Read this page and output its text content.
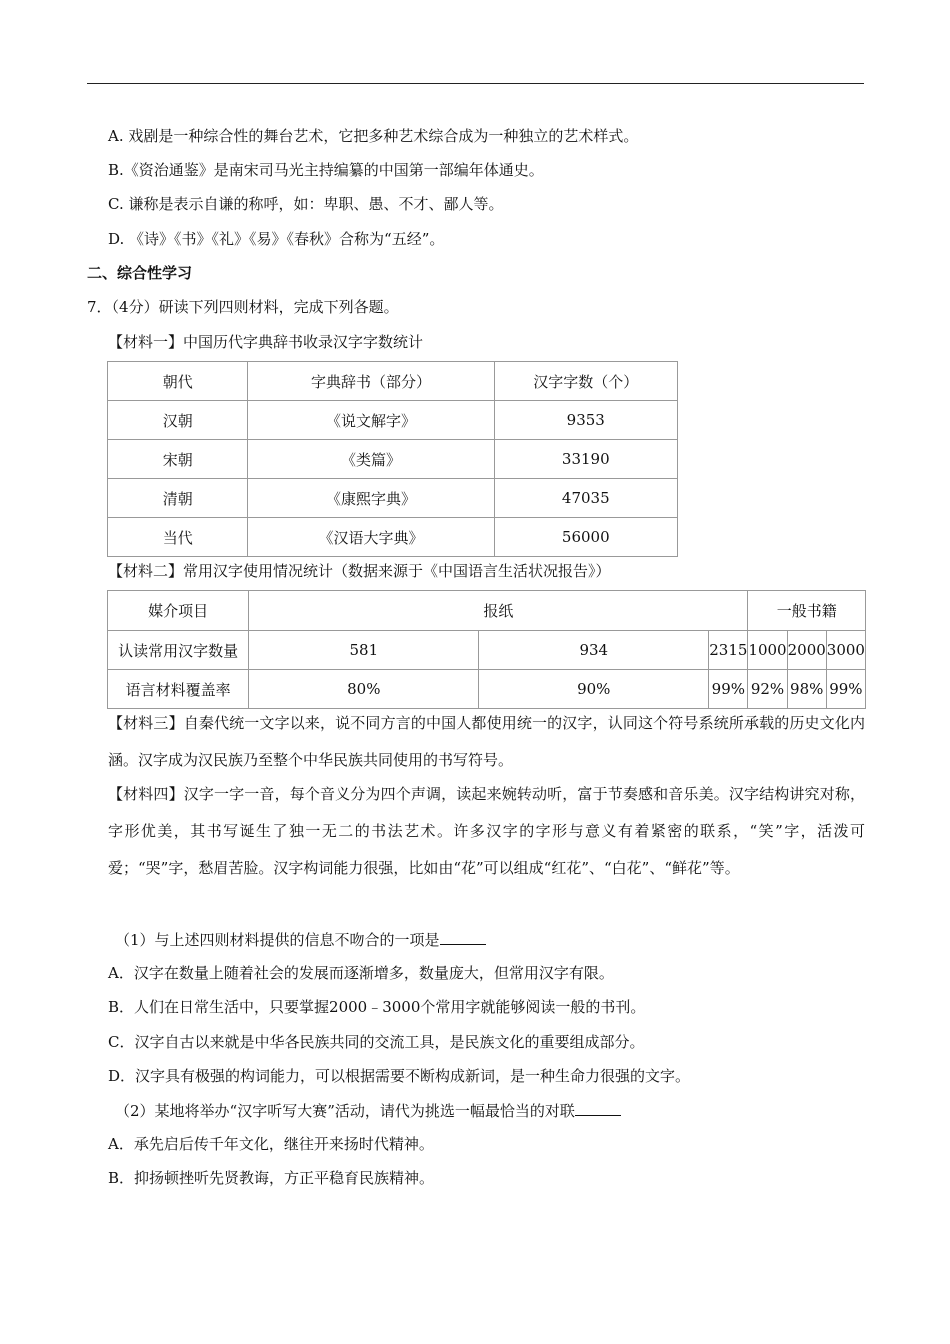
A. 戏剧是一种综合性的舞台艺术，它把多种艺术综合成为一种独立的艺术样式。
B.《资治通鉴》是南宋司马光主持编纂的中国第一部编年体通史。
C. 谦称是表示自谦的称呼，如：卑职、愚、不才、鄙人等。
D. 《诗》《书》《礼》《易》《春秋》合称为“五经”。
二、综合性学习
7．（4分）研读下列四则材料，完成下列各题。
【材料一】中国历代字典辞书收录汉字字数统计
朝代	字典辞书（部分）	汉字字数（个）
汉朝	《说文解字》	9353
宋朝	《类篇》	33190
清朝	《康熙字典》	47035
当代	《汉语大字典》	56000
【材料二】常用汉字使用情况统计（数据来源于《中国语言生活状况报告》）
媒介项目	报纸			一般书籍		
认读常用汉字数量	581	934	2315	1000	2000	3000
语言材料覆盖率	80%	90%	99%	92%	98%	99%
【材料三】自秦代统一文字以来，说不同方言的中国人都使用统一的汉字，认同这个符号系统所承载的历史文化内涵。汉字成为汉民族乃至整个中华民族共同使用的书写符号。
【材料四】汉字一字一音，每个音义分为四个声调，读起来婉转动听，富于节奏感和音乐美。汉字结构讲究对称，字形优美，其书写诞生了独一无二的书法艺术。许多汉字的字形与意义有着紧密的联系，“笑”字，活泼可爱；“哭”字，愁眉苦脸。汉字构词能力很强，比如由“花”可以组成“红花”、“白花”、“鲜花”等。
（1）与上述四则材料提供的信息不吻合的一项是
A．汉字在数量上随着社会的发展而逐渐增多，数量庞大，但常用汉字有限。
B．人们在日常生活中，只要掌握2000﹣3000个常用字就能够阅读一般的书刊。
C．汉字自古以来就是中华各民族共同的交流工具，是民族文化的重要组成部分。
D．汉字具有极强的构词能力，可以根据需要不断构成新词，是一种生命力很强的文字。
（2）某地将举办“汉字听写大赛”活动，请代为挑选一幅最恰当的对联
A．承先启后传千年文化，继往开来扬时代精神。
B．抑扬顿挫听先贤教诲，方正平稳育民族精神。
